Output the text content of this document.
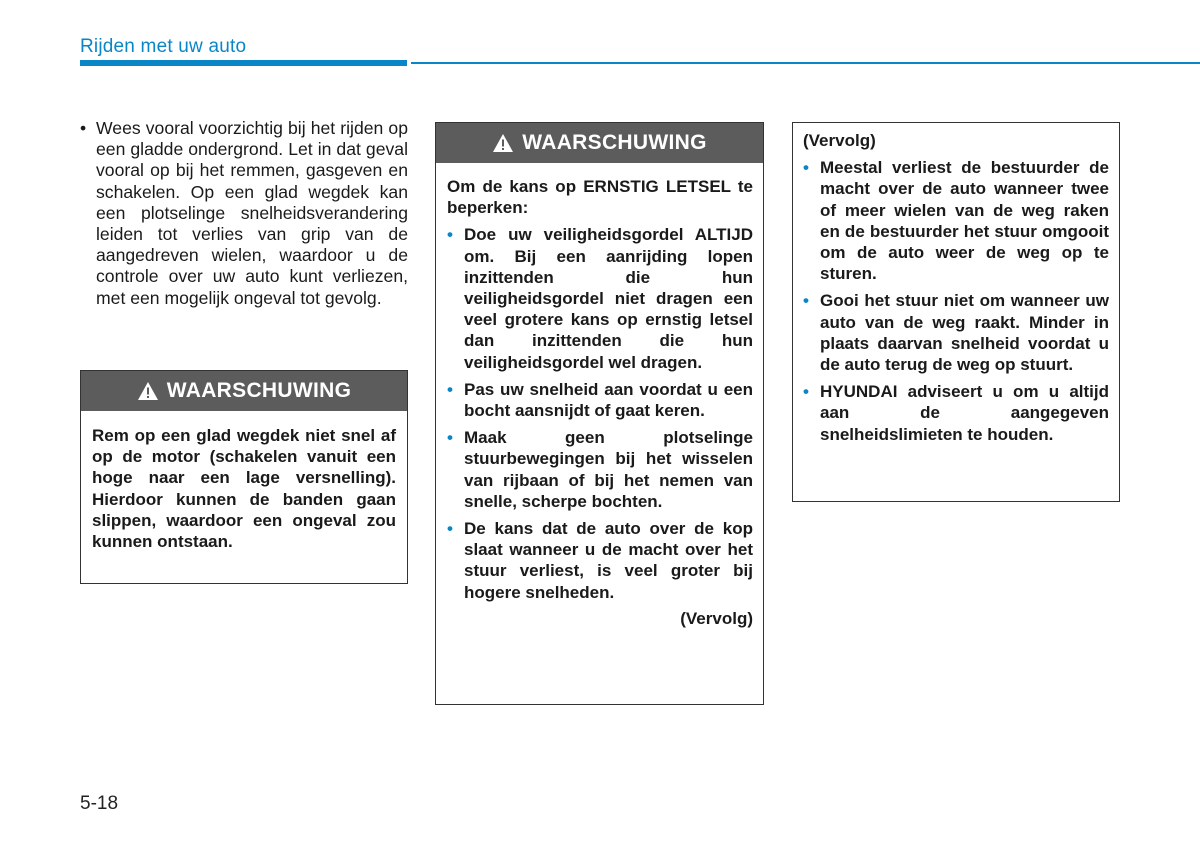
Rijden met uw auto
• Wees vooral voorzichtig bij het rijden op een gladde ondergrond. Let in dat geval vooral op bij het remmen, gasgeven en schakelen. Op een glad wegdek kan een plotselinge snelheidsverandering leiden tot verlies van grip van de aangedreven wielen, waardoor u de controle over uw auto kunt verliezen, met een mogelijk ongeval tot gevolg.
WAARSCHUWING
Rem op een glad wegdek niet snel af op de motor (schakelen vanuit een hoge naar een lage versnelling). Hierdoor kunnen de banden gaan slippen, waardoor een ongeval zou kunnen ontstaan.
WAARSCHUWING
Om de kans op ERNSTIG LETSEL te beperken:
• Doe uw veiligheidsgordel ALTIJD om. Bij een aanrijding lopen inzittenden die hun veiligheidsgordel niet dragen een veel grotere kans op ernstig letsel dan inzittenden die hun veiligheidsgordel wel dragen.
• Pas uw snelheid aan voordat u een bocht aansnijdt of gaat keren.
• Maak geen plotselinge stuurbewegingen bij het wisselen van rijbaan of bij het nemen van snelle, scherpe bochten.
• De kans dat de auto over de kop slaat wanneer u de macht over het stuur verliest, is veel groter bij hogere snelheden.
(Vervolg)
(Vervolg)
• Meestal verliest de bestuurder de macht over de auto wanneer twee of meer wielen van de weg raken en de bestuurder het stuur omgooit om de auto weer de weg op te sturen.
• Gooi het stuur niet om wanneer uw auto van de weg raakt. Minder in plaats daarvan snelheid voordat u de auto terug de weg op stuurt.
• HYUNDAI adviseert u om u altijd aan de aangegeven snelheidslimieten te houden.
5-18
